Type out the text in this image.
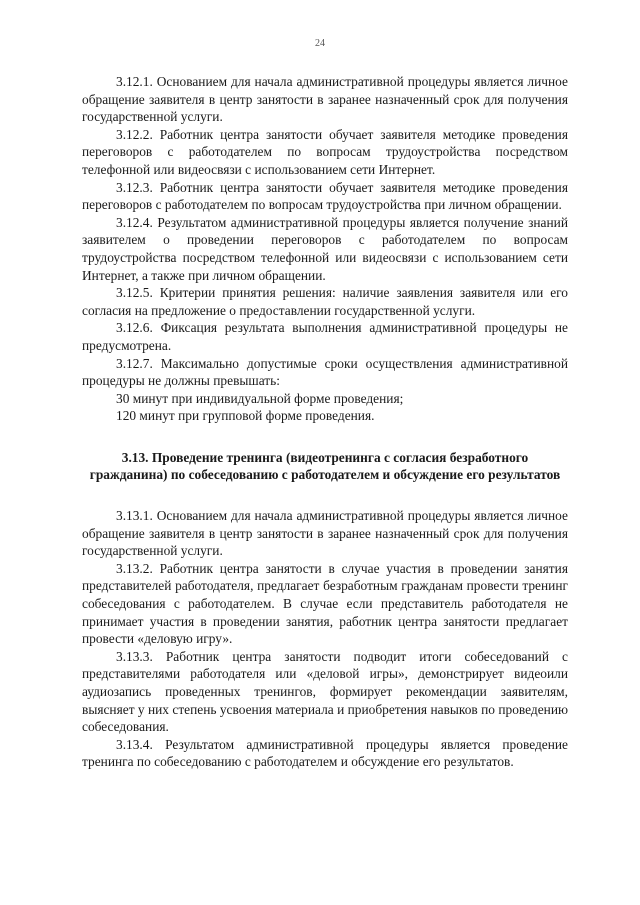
24

3.12.1. Основанием для начала административной процедуры является личное обращение заявителя в центр занятости в заранее назначенный срок для получения государственной услуги.

3.12.2. Работник центра занятости обучает заявителя методике проведения переговоров с работодателем по вопросам трудоустройства посредством телефонной или видеосвязи с использованием сети Интернет.

3.12.3. Работник центра занятости обучает заявителя методике проведения переговоров с работодателем по вопросам трудоустройства при личном обращении.

3.12.4. Результатом административной процедуры является получение знаний заявителем о проведении переговоров с работодателем по вопросам трудоустройства посредством телефонной или видеосвязи с использованием сети Интернет, а также при личном обращении.

3.12.5. Критерии принятия решения: наличие заявления заявителя или его согласия на предложение о предоставлении государственной услуги.

3.12.6. Фиксация результата выполнения административной процедуры не предусмотрена.

3.12.7. Максимально допустимые сроки осуществления административной процедуры не должны превышать:

30 минут при индивидуальной форме проведения;

120 минут при групповой форме проведения.

3.13. Проведение тренинга (видеотренинга с согласия безработного гражданина) по собеседованию с работодателем и обсуждение его результатов

3.13.1. Основанием для начала административной процедуры является личное обращение заявителя в центр занятости в заранее назначенный срок для получения государственной услуги.

3.13.2. Работник центра занятости в случае участия в проведении занятия представителей работодателя, предлагает безработным гражданам провести тренинг собеседования с работодателем. В случае если представитель работодателя не принимает участия в проведении занятия, работник центра занятости предлагает провести «деловую игру».

3.13.3. Работник центра занятости подводит итоги собеседований с представителями работодателя или «деловой игры», демонстрирует видеоили аудиозапись проведенных тренингов, формирует рекомендации заявителям, выясняет у них степень усвоения материала и приобретения навыков по проведению собеседования.

3.13.4. Результатом административной процедуры является проведение тренинга по собеседованию с работодателем и обсуждение его результатов.
